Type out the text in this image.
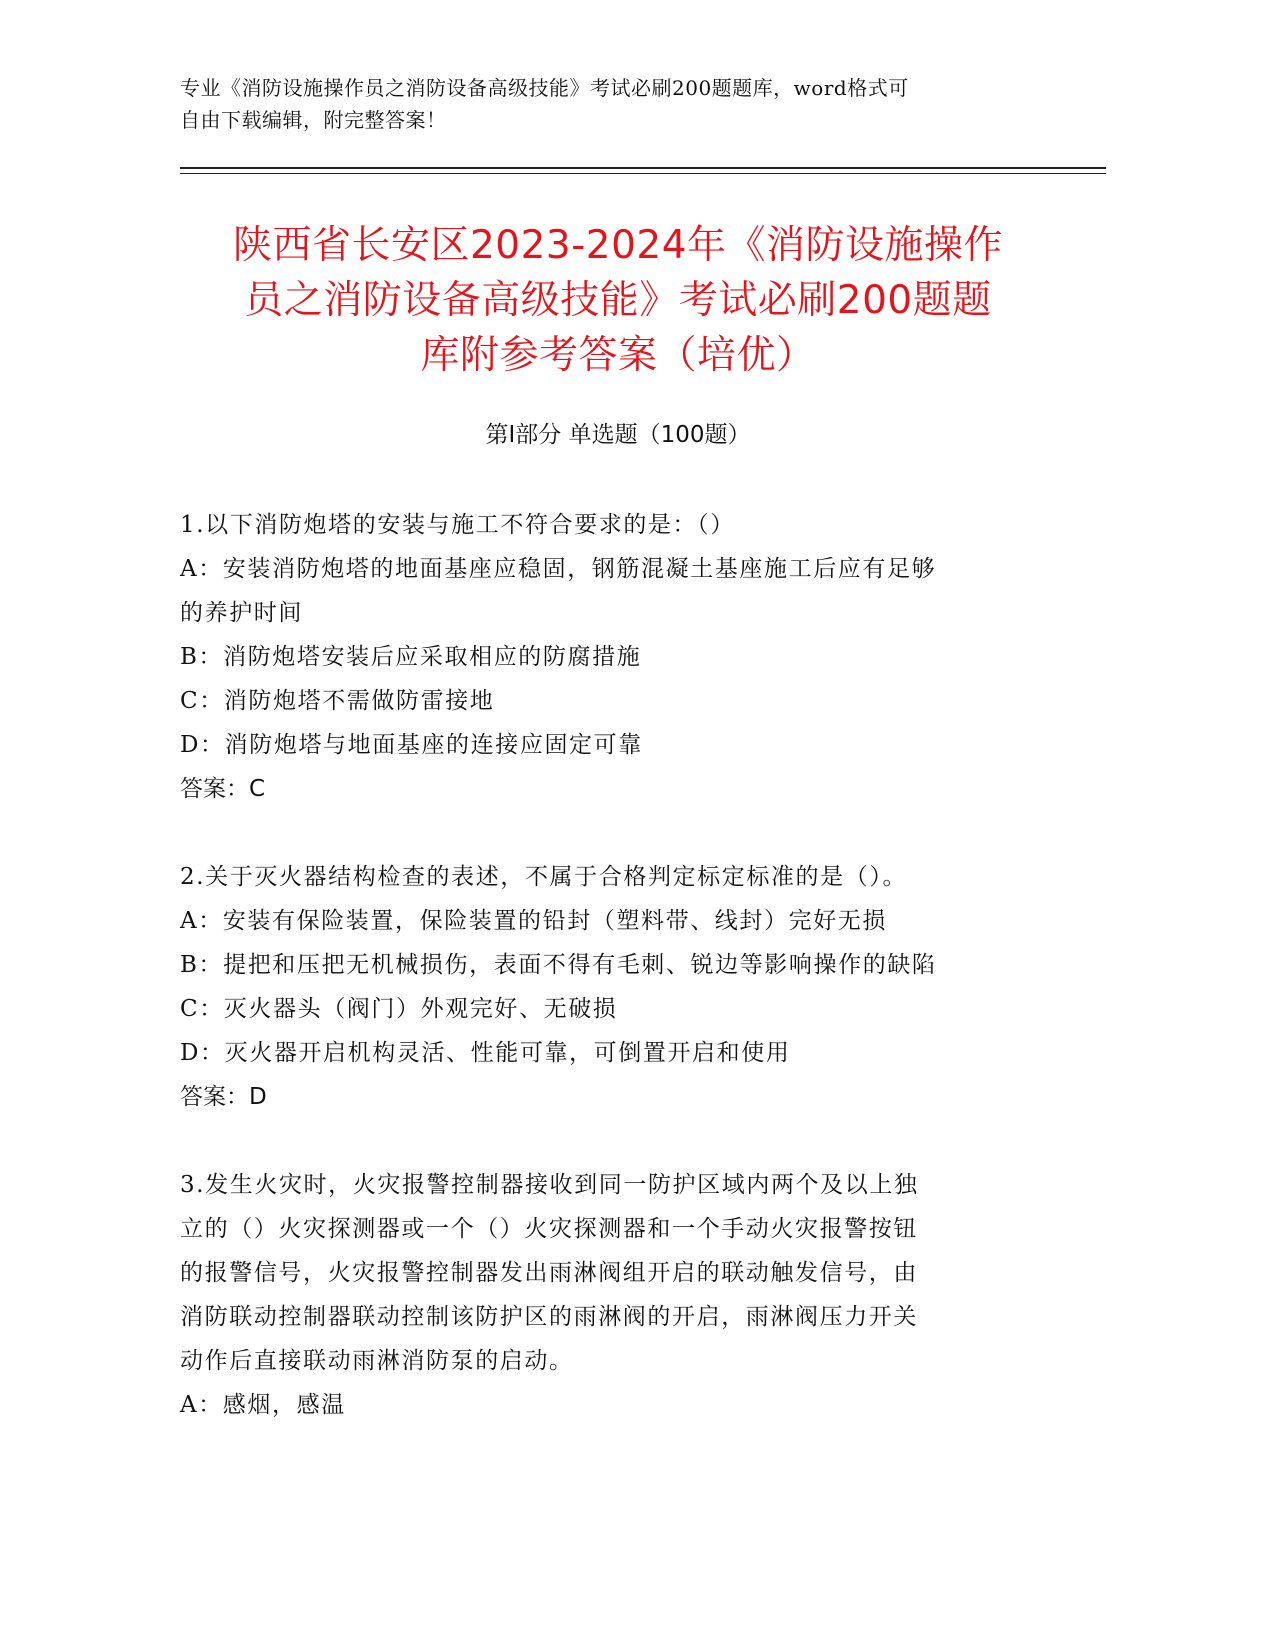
专业《消防设施操作员之消防设备高级技能》考试必刷200题题库，word格式可
自由下载编辑，附完整答案！
陕西省长安区2023-2024年《消防设施操作
员之消防设备高级技能》考试必刷200题题
库附参考答案（培优）
第Ⅰ部分 单选题（100题）

1.以下消防炮塔的安装与施工不符合要求的是：（）

A：安装消防炮塔的地面基座应稳固，钢筋混凝土基座施工后应有足够

的养护时间

B：消防炮塔安装后应采取相应的防腐措施

C：消防炮塔不需做防雷接地

D：消防炮塔与地面基座的连接应固定可靠

答案：C

2.关于灭火器结构检查的表述，不属于合格判定标定标准的是（）。

A：安装有保险装置，保险装置的铅封（塑料带、线封）完好无损

B：提把和压把无机械损伤，表面不得有毛刺、锐边等影响操作的缺陷

C：灭火器头（阀门）外观完好、无破损

D：灭火器开启机构灵活、性能可靠，可倒置开启和使用

答案：D

3.发生火灾时，火灾报警控制器接收到同一防护区域内两个及以上独

立的（）火灾探测器或一个（）火灾探测器和一个手动火灾报警按钮

的报警信号，火灾报警控制器发出雨淋阀组开启的联动触发信号，由

消防联动控制器联动控制该防护区的雨淋阀的开启，雨淋阀压力开关

动作后直接联动雨淋消防泵的启动。

A：感烟，感温
